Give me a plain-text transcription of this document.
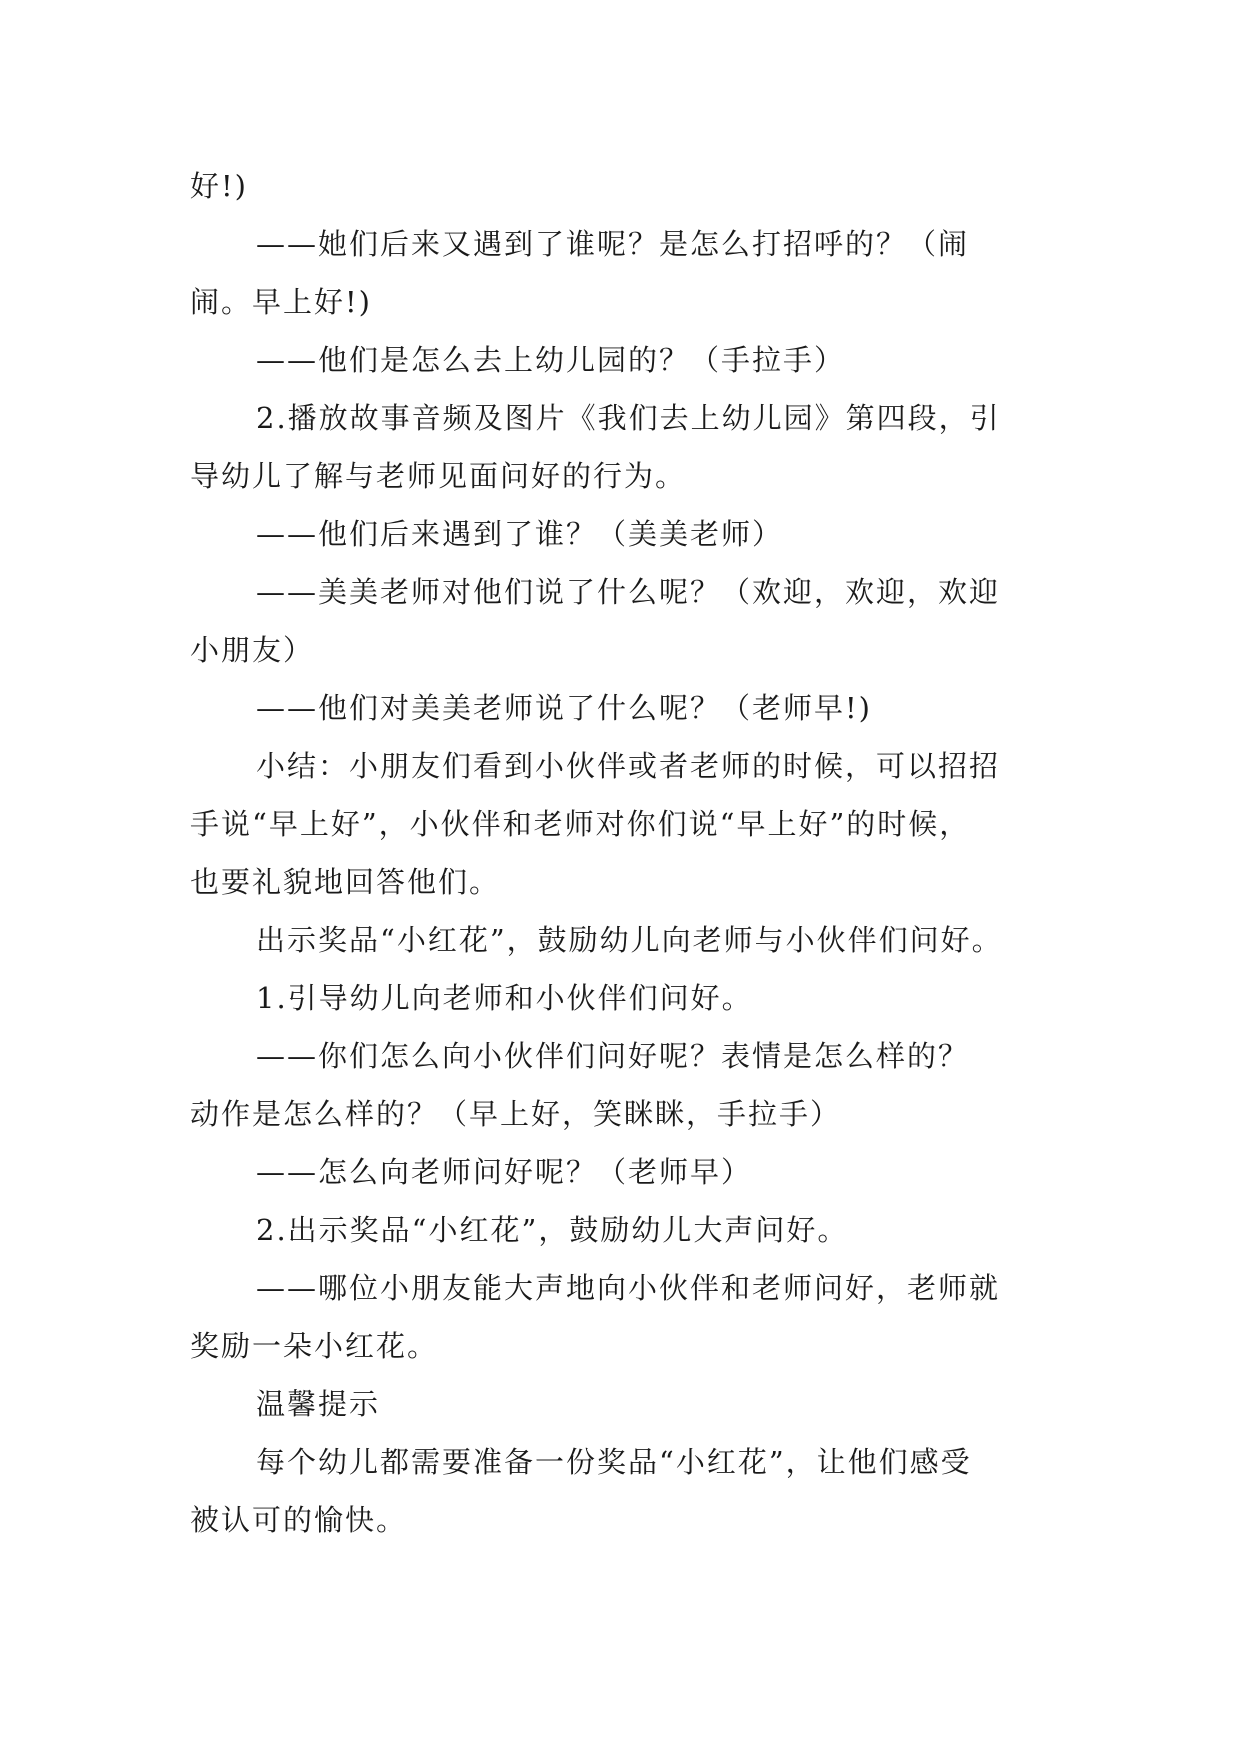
好!)
——她们后来又遇到了谁呢？是怎么打招呼的？（闹
闹。早上好!)
——他们是怎么去上幼儿园的？（手拉手）
2.播放故事音频及图片《我们去上幼儿园》第四段，引
导幼儿了解与老师见面问好的行为。
——他们后来遇到了谁？（美美老师）
——美美老师对他们说了什么呢？（欢迎，欢迎，欢迎
小朋友）
——他们对美美老师说了什么呢？（老师早!)
小结：小朋友们看到小伙伴或者老师的时候，可以招招
手说“早上好”，小伙伴和老师对你们说“早上好”的时候，
也要礼貌地回答他们。
出示奖品“小红花”，鼓励幼儿向老师与小伙伴们问好。
1.引导幼儿向老师和小伙伴们问好。
——你们怎么向小伙伴们问好呢？表情是怎么样的？
动作是怎么样的？（早上好，笑眯眯，手拉手）
——怎么向老师问好呢？（老师早）
2.出示奖品“小红花”，鼓励幼儿大声问好。
——哪位小朋友能大声地向小伙伴和老师问好，老师就
奖励一朵小红花。
温馨提示
每个幼儿都需要准备一份奖品“小红花”，让他们感受
被认可的愉快。
